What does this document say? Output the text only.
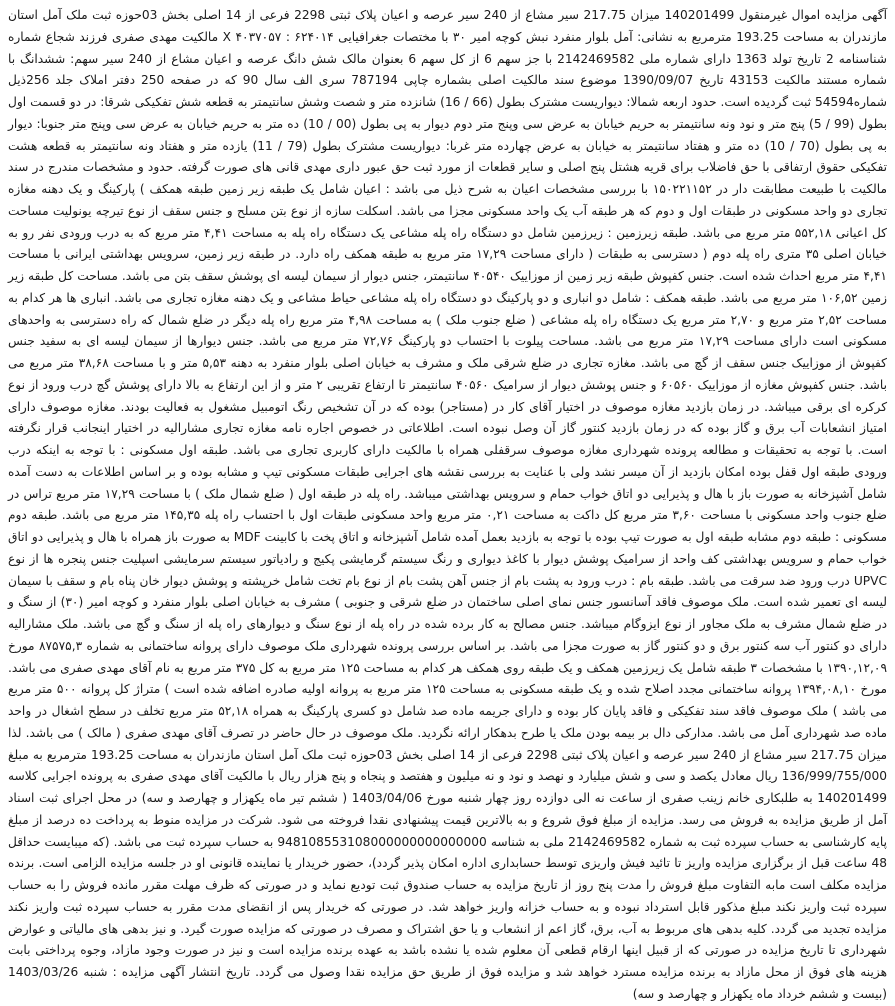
آگهی مزایده اموال غیرمنقول 140201499 میزان 217.75 سیر مشاع از 240 سیر عرصه و اعیان پلاک ثبتی 2298 فرعی از 14 اصلی بخش 03حوزه ثبت ملک آمل استان مازندران به مساحت 193.25 مترمربع به نشانی: آمل بلوار منفرد نبش کوچه امیر ۳۰ با مختصات جغرافیایی ۶۲۴۰۱۴ : ۴۰۳۷۰۵۷ X مالکیت مهدی صفری فرزند شجاع شماره شناسنامه 2 تاریخ تولد 1363 دارای شماره ملی 2142469582 با جز سهم 6 از کل سهم 6 بعنوان مالک شش دانگ عرصه و اعیان مشاع از 240 سیر سهم: ششدانگ با شماره مستند مالکیت 43153 تاریخ 1390/09/07 موضوع سند مالکیت اصلی بشماره چاپی 787194 سری الف سال 90 که در صفحه 250 دفتر املاک جلد 256ذیل شماره54594 ثبت گردیده است. حدود اربعه شمالا: دیواریست مشترک بطول (66 / 16) شانزده متر و شصت وشش سانتیمتر به قطعه شش تفکیکی شرقا: در دو قسمت اول بطول (99 / 5) پنج متر و نود ونه سانتیمتر به حریم خیابان به عرض سی وپنج متر دوم دیوار به پی بطول (00 / 10) ده متر به حریم خیابان به عرض سی وپنج متر جنوبا: دیوار به پی بطول (70 / 10) ده متر و هفتاد سانتیمتر به خیابان به عرض چهارده متر غربا: دیواریست مشترک بطول (79 / 11) یازده متر و هفتاد ونه سانتیمتر به قطعه هشت تفکیکی حقوق ارتفاقی با حق فاضلاب برای قریه هشتل پنج اصلی و سایر قطعات از مورد ثبت حق عبور داری مهدی قانی های صورت گرفته. حدود و مشخصات مندرج در سند مالکیت با طبیعت مطابقت دار در ۱۵۰۲۲۱۱۵۲ با بررسی مشخصات اعیان به شرح ذیل می باشد : اعیان شامل یک طبقه زیر زمین طبقه همکف ) پارکینگ و یک دهنه مغازه تجاری دو واحد مسکونی در طبقات اول و دوم که هر طبقه آب یک واحد مسکونی مجزا می باشد. اسکلت سازه از نوع بتن مسلح و جنس سقف از نوع تیرچه یونولیت مساحت کل اعیانی ۵۵۲,۱۸ متر مربع می باشد. طبقه زیرزمین : زیرزمین شامل دو دستگاه راه پله مشاعی یک دستگاه راه پله به مساحت ۴,۴۱ متر مربع که به درب ورودی نفر رو به خیابان اصلی ۳۵ متری راه پله دوم ( دسترسی به طبقات ( دارای مساحت ۱۷,۲۹ متر مربع به طبقه همکف راه دارد. در طبقه زیر زمین، سرویس بهداشتی ایرانی با مساحت ۴,۴۱ متر مربع احداث شده است. جنس کفپوش طبقه زیر زمین از موزاییک ۴۰۵۴۰ سانتیمتر، جنس دیوار از سیمان لیسه ای پوشش سقف بتن می باشد. مساحت کل طبقه زیر زمین ۱۰۶,۵۲ متر مربع می باشد. طبقه همکف : شامل دو انباری و دو پارکینگ دو دستگاه راه پله مشاعی حیاط مشاعی و یک دهنه مغازه تجاری می باشد. انباری ها هر کدام به مساحت ۲,۵۲ متر مربع و ۲,۷۰ متر مربع یک دستگاه راه پله مشاعی ( ضلع جنوب ملک ) به مساحت ۴,۹۸ متر مربع راه پله دیگر در ضلع شمال که راه دسترسی به واحدهای مسکونی است دارای مساحت ۱۷,۲۹ متر مربع می باشد. مساحت پیلوت با احتساب دو پارکینگ ۷۲,۷۶ متر مربع می باشد. جنس دیوارها از سیمان لیسه ای به سفید جنس کفپوش از موزاییک جنس سقف از گچ می باشد. مغازه تجاری در ضلع شرقی ملک و مشرف به خیابان اصلی بلوار منفرد به دهنه ۵,۵۳ متر و با مساحت ۳۸,۶۸ متر مربع می باشد. جنس کفپوش مغازه از موزاییک ۶۰۵۶۰ و جنس پوشش دیوار از سرامیک ۴۰۵۶۰ سانتیمتر تا ارتفاع تقریبی ۲ متر و از این ارتفاع به بالا دارای پوشش گچ درب ورود از نوع کرکره ای برقی میباشد. در زمان بازدید مغازه موصوف در اختیار آقای کار در (مستاجر) بوده که در آن تشخیص رنگ اتومبیل مشغول به فعالیت بودند. مغازه موصوف دارای امتیاز انشعابات آب برق و گاز بوده که در زمان بازدید کنتور گاز آن وصل نبوده است. اطلاعاتی در خصوص اجاره نامه مغازه تجاری مشارالیه در اختیار اینجانب قرار نگرفته است. با توجه به تحقیقات و مطالعه پرونده شهرداری مغازه موصوف سرقفلی همراه با مالکیت دارای کاربری تجاری می باشد. طبقه اول مسکونی : با توجه به اینکه درب ورودی طبقه اول قفل بوده امکان بازدید از آن میسر نشد ولی با عنایت به بررسی نقشه های اجرایی طبقات مسکونی تیپ و مشابه بوده و بر اساس اطلاعات به دست آمده شامل آشپزخانه به صورت باز با هال و پذیرایی دو اتاق خواب حمام و سرویس بهداشتی میباشد. راه پله در طبقه اول ( ضلع شمال ملک ) با مساحت ۱۷,۲۹ متر مربع تراس در ضلع جنوب واحد مسکونی با مساحت ۳,۶۰ متر مربع کل داکت به مساحت ۰,۲۱ متر مربع واحد مسکونی طبقات اول با احتساب راه پله ۱۴۵,۳۵ متر مربع می باشد. طبقه دوم مسکونی : طبقه دوم مشابه طبقه اول به صورت تیپ بوده با توجه به بازدید بعمل آمده شامل آشپزخانه و اتاق پخت با کابینت MDF به صورت باز همراه با هال و پذیرایی دو اتاق خواب حمام و سرویس بهداشتی کف واحد از سرامیک پوشش دیوار با کاغذ دیواری و رنگ سیستم گرمایشی پکیج و رادیاتور سیستم سرمایشی اسپلیت جنس پنجره ها از نوع UPVC درب ورود ضد سرقت می باشد. طبقه بام : درب ورود به پشت بام از جنس آهن پشت بام از نوع بام تخت شامل خرپشته و پوشش دیوار خان پناه بام و سقف با سیمان لیسه ای تعمیر شده است. ملک موصوف فاقد آسانسور جنس نمای اصلی ساختمان در ضلع شرقی و جنوبی ) مشرف به خیابان اصلی بلوار منفرد و کوچه امیر (۳۰) از سنگ و در ضلع شمال مشرف به ملک مجاور از نوع ایزوگام میباشد. جنس مصالح به کار برده شده در راه پله از نوع سنگ و دیوارهای راه پله از سنگ و گچ می باشد. ملک مشارالیه دارای دو کنتور آب سه کنتور برق و دو کنتور گاز به صورت مجزا می باشد. بر اساس بررسی پرونده شهرداری ملک موصوف دارای پروانه ساختمانی به شماره ۸۷۵۷۵,۳ مورخ ۱۳۹۰,۱۲,۰۹ با مشخصات ۳ طبقه شامل یک زیرزمین همکف و یک طبقه روی همکف هر کدام به مساحت ۱۲۵ متر مربع به کل ۳۷۵ متر مربع به نام آقای مهدی صفری می باشد. مورخ ۱۳۹۴,۰۸,۱۰ پروانه ساختمانی مجدد اصلاح شده و یک طبقه مسکونی به مساحت ۱۲۵ متر مربع به پروانه اولیه صادره اضافه شده است ) متراژ کل پروانه ۵۰۰ متر مربع می باشد ) ملک موصوف فاقد سند تفکیکی و فاقد پایان کار بوده و دارای جریمه ماده صد شامل دو کسری پارکینگ به همراه ۵۲,۱۸ متر مربع تخلف در سطح اشغال در واحد ماده صد شهرداری آمل می باشد. مدارکی دال بر بیمه بودن ملک یا طرح بدهکار ارائه نگردید. ملک موصوف در حال حاضر در تصرف آقای مهدی صفری ( مالک ) می باشد. لذا میزان 217.75 سیر مشاع از 240 سیر عرصه و اعیان پلاک ثبتی 2298 فرعی از 14 اصلی بخش 03حوزه ثبت ملک آمل استان مازندران به مساحت 193.25 مترمربع به مبلغ 136/999/755/000 ریال معادل یکصد و سی و شش میلیارد و نهصد و نود و نه میلیون و هفتصد و پنجاه و پنج هزار ریال با مالکیت آقای مهدی صفری به پرونده اجرایی کلاسه 140201499 به طلبکاری خانم زینب صفری از ساعت نه الی دوازده روز چهار شنبه مورخ 1403/04/06 ( ششم تیر ماه یکهزار و چهارصد و سه) در محل اجرای ثبت اسناد آمل از طریق مزایده به فروش می رسد. مزایده از مبلغ فوق شروع و به بالاترین قیمت پیشنهادی نقدا فروخته می شود. شرکت در مزایده منوط به پرداخت ده درصد از مبلغ پایه کارشناسی به حساب سپرده ثبت به شماره 2142469582 ملی به شناسه 948108553108000000000000000 به حساب سپرده ثبت می باشد. (که میبایست حداقل 48 ساعت قبل از برگزاری مزایده واریز تا تائید فیش واریزی توسط حسابداری اداره امکان پذیر گردد)، حضور خریدار یا نماینده قانونی او در جلسه مزایده الزامی است. برنده مزایده مکلف است مابه التفاوت مبلغ فروش را مدت پنج روز از تاریخ مزایده به حساب صندوق ثبت تودیع نماید و در صورتی که ظرف مهلت مقرر مانده فروش را به حساب سپرده ثبت واریز نکند مبلغ مذکور قابل استرداد نبوده و به حساب خزانه واریز خواهد شد. در صورتی که خریدار پس از انقضای مدت مقرر به حساب سپرده ثبت واریز نکند مزایده تجدید می گردد. کلیه بدهی های مربوط به آب، برق، گاز اعم از انشعاب و یا حق اشتراک و مصرف در صورتی که مزایده صورت گیرد. و نیز بدهی های مالیاتی و عوارض شهرداری تا تاریخ مزایده در صورتی که از قبیل اینها ارقام قطعی آن معلوم شده یا نشده باشد به عهده برنده مزایده است و نیز در صورت وجود مازاد، وجوه پرداختی بابت هزینه های فوق از محل مازاد به برنده مزایده مسترد خواهد شد و مزایده فوق از طریق حق مزایده نقدا وصول می گردد. تاریخ انتشار آگهی مزایده : شنبه 1403/03/26 (بیست و ششم خرداد ماه یکهزار و چهارصد و سه)
